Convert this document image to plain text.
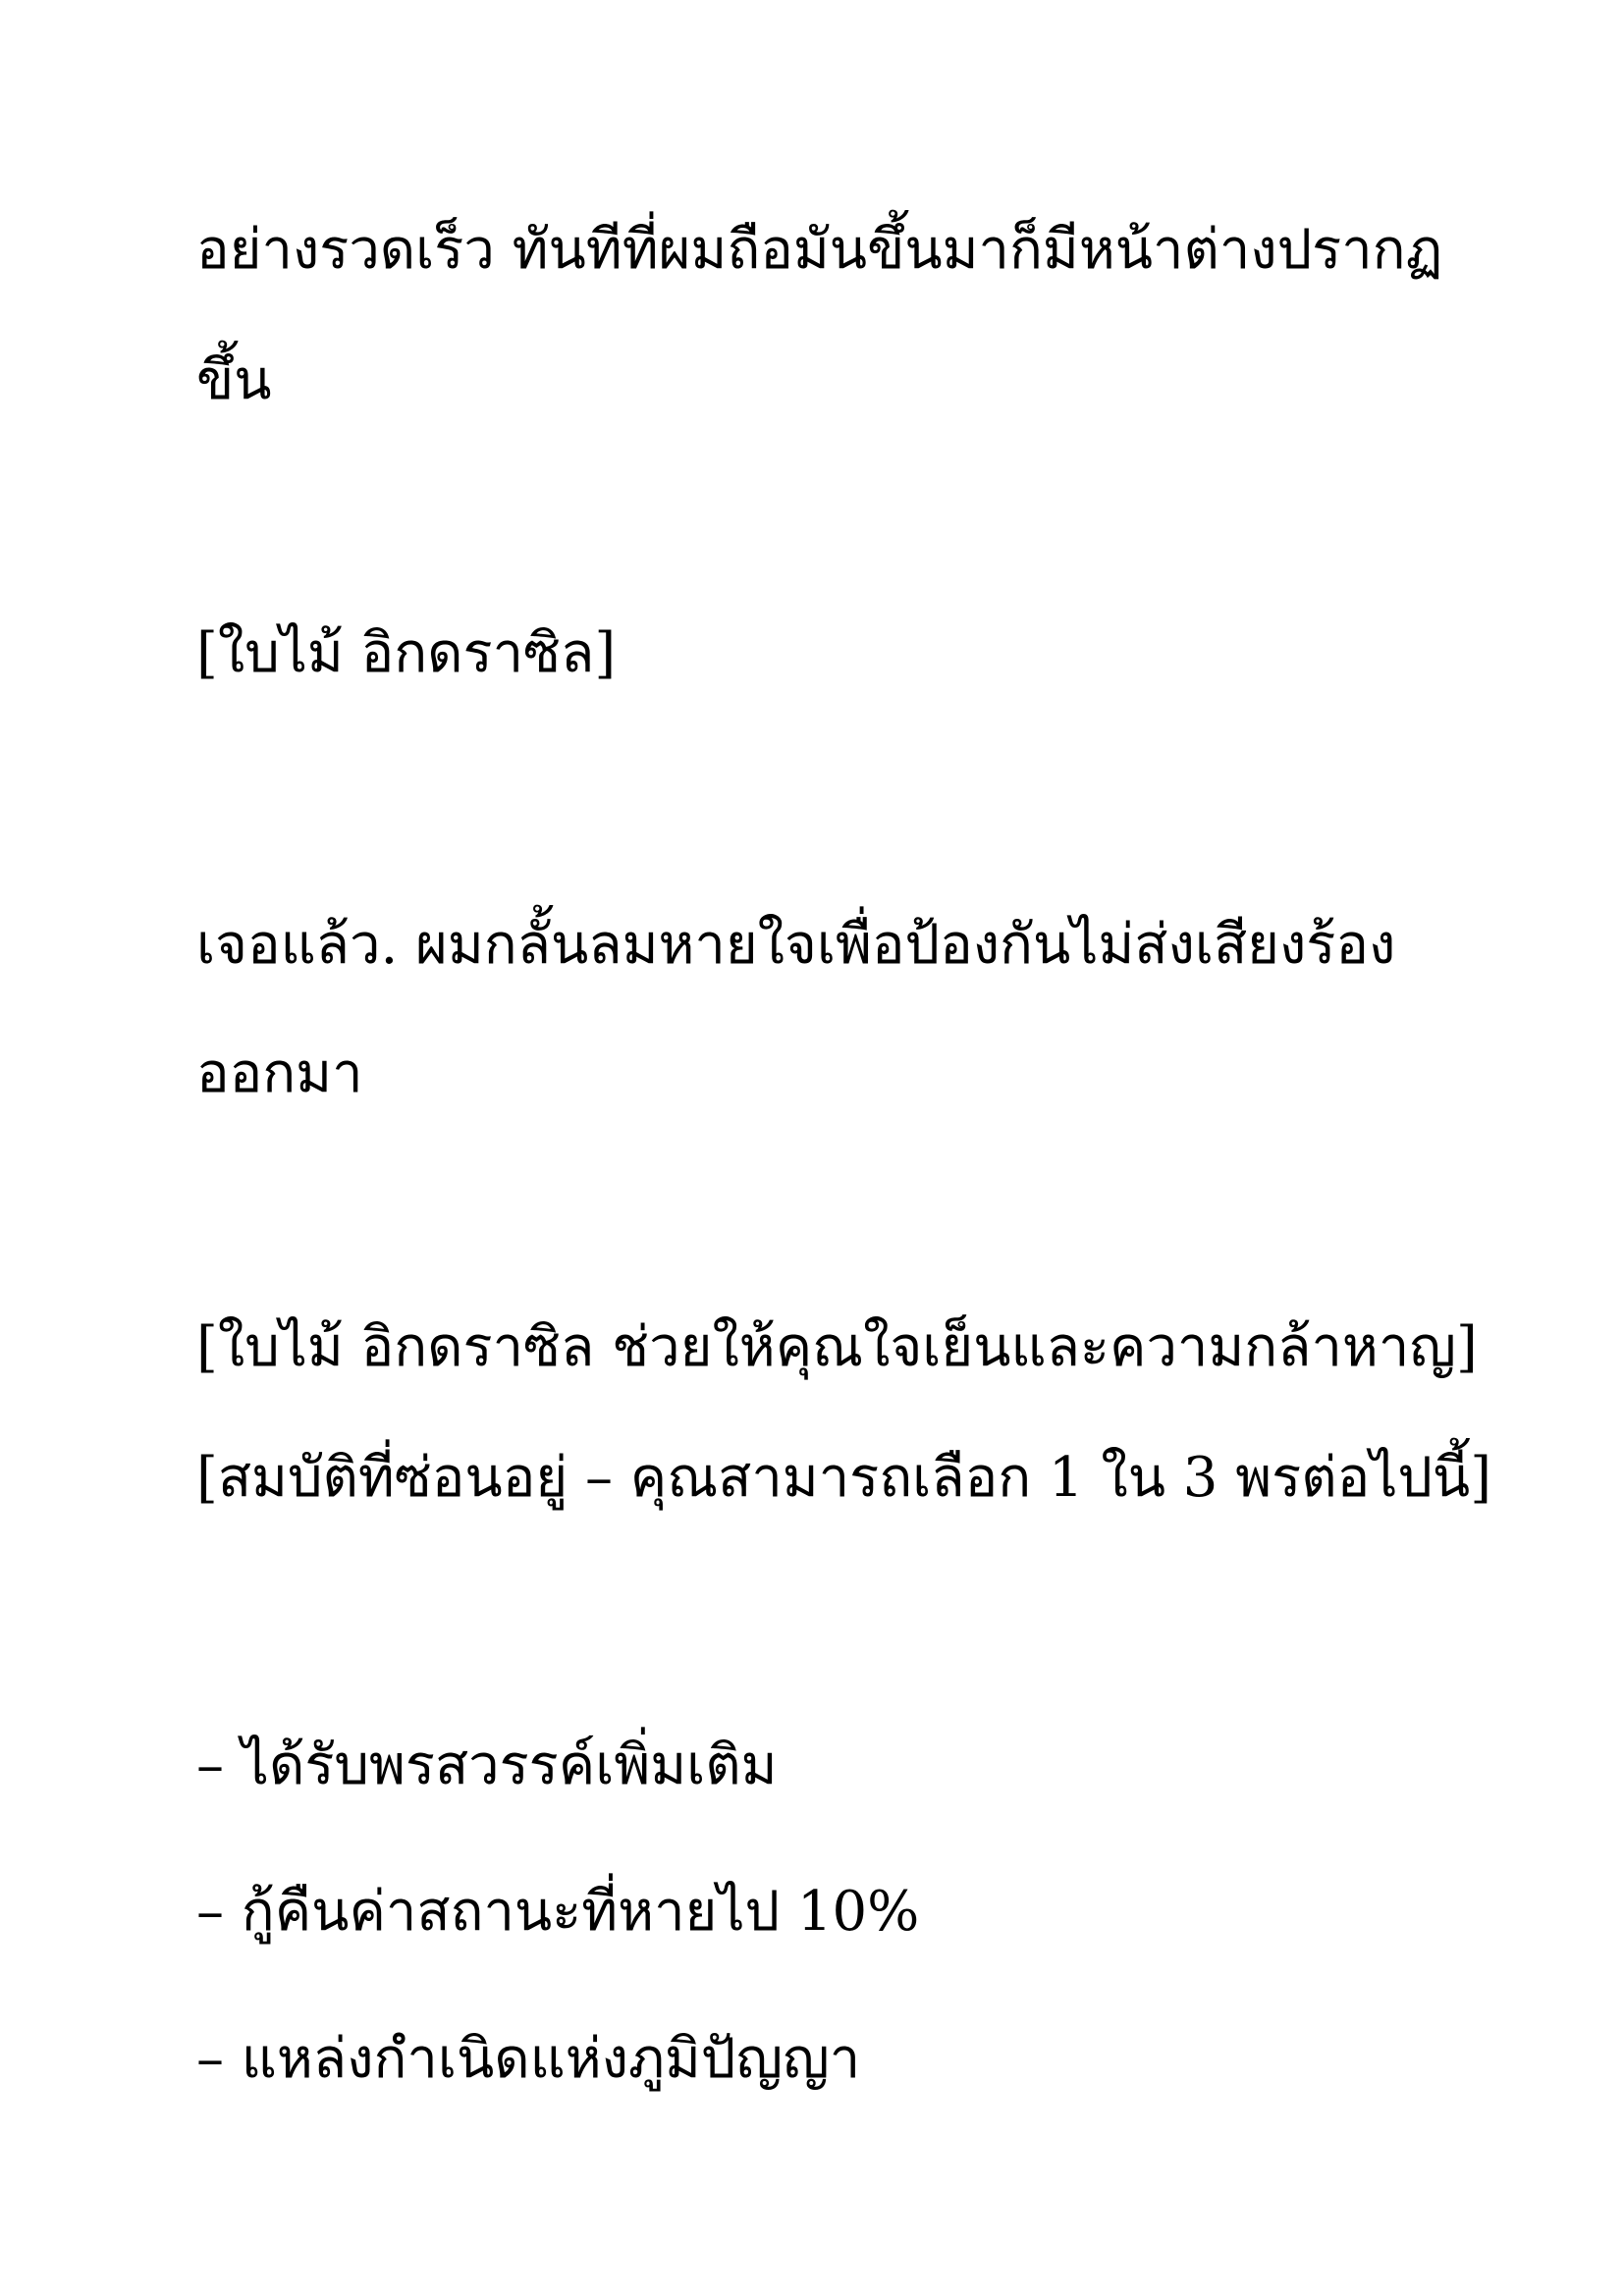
อย่างรวดเร็ว ทันทีที่ผมถือมันขึ้นมาก็มีหน้าต่างปรากฏ

ขึ้น

[ใบไม้ อิกดราซิล]

เจอแล้ว. ผมกลั้นลมหายใจเพื่อป้องกันไม่ส่งเสียงร้อง

ออกมา

[ใบไม้ อิกดราซิล ช่วยให้คุณใจเย็นและความกล้าหาญ]

[สมบัติที่ซ่อนอยู่ – คุณสามารถเลือก 1 ใน 3 พรต่อไปนี้]

– ได้รับพรสวรรค์เพิ่มเติม

– กู้คืนค่าสถานะที่หายไป 10%

– แหล่งกำเนิดแห่งภูมิปัญญา
